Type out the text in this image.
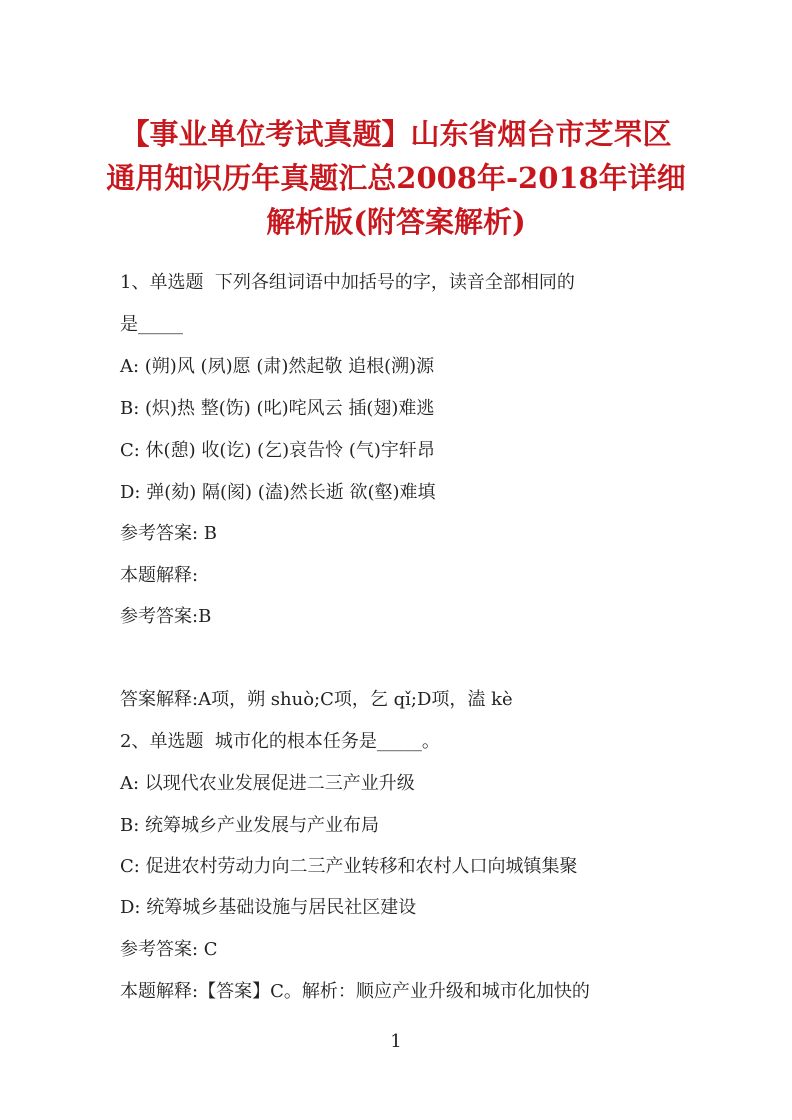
【事业单位考试真题】山东省烟台市芝罘区
通用知识历年真题汇总2008年-2018年详细
解析版(附答案解析)
1、单选题  下列各组词语中加括号的字，读音全部相同的
是_____
A: (朔)风 (夙)愿 (肃)然起敬 追根(溯)源
B: (炽)热 整(饬) (叱)咤风云 插(翅)难逃
C: 休(憩) 收(讫) (乞)哀告怜 (气)宇轩昂
D: 弹(劾) 隔(阂) (溘)然长逝 欲(壑)难填
参考答案: B
本题解释:
参考答案:B
答案解释:A项，朔 shuò;C项，乞 qǐ;D项，溘 kè
2、单选题  城市化的根本任务是_____。
A: 以现代农业发展促进二三产业升级
B: 统筹城乡产业发展与产业布局
C: 促进农村劳动力向二三产业转移和农村人口向城镇集聚
D: 统筹城乡基础设施与居民社区建设
参考答案: C
本题解释:【答案】C。解析：顺应产业升级和城市化加快的
1
